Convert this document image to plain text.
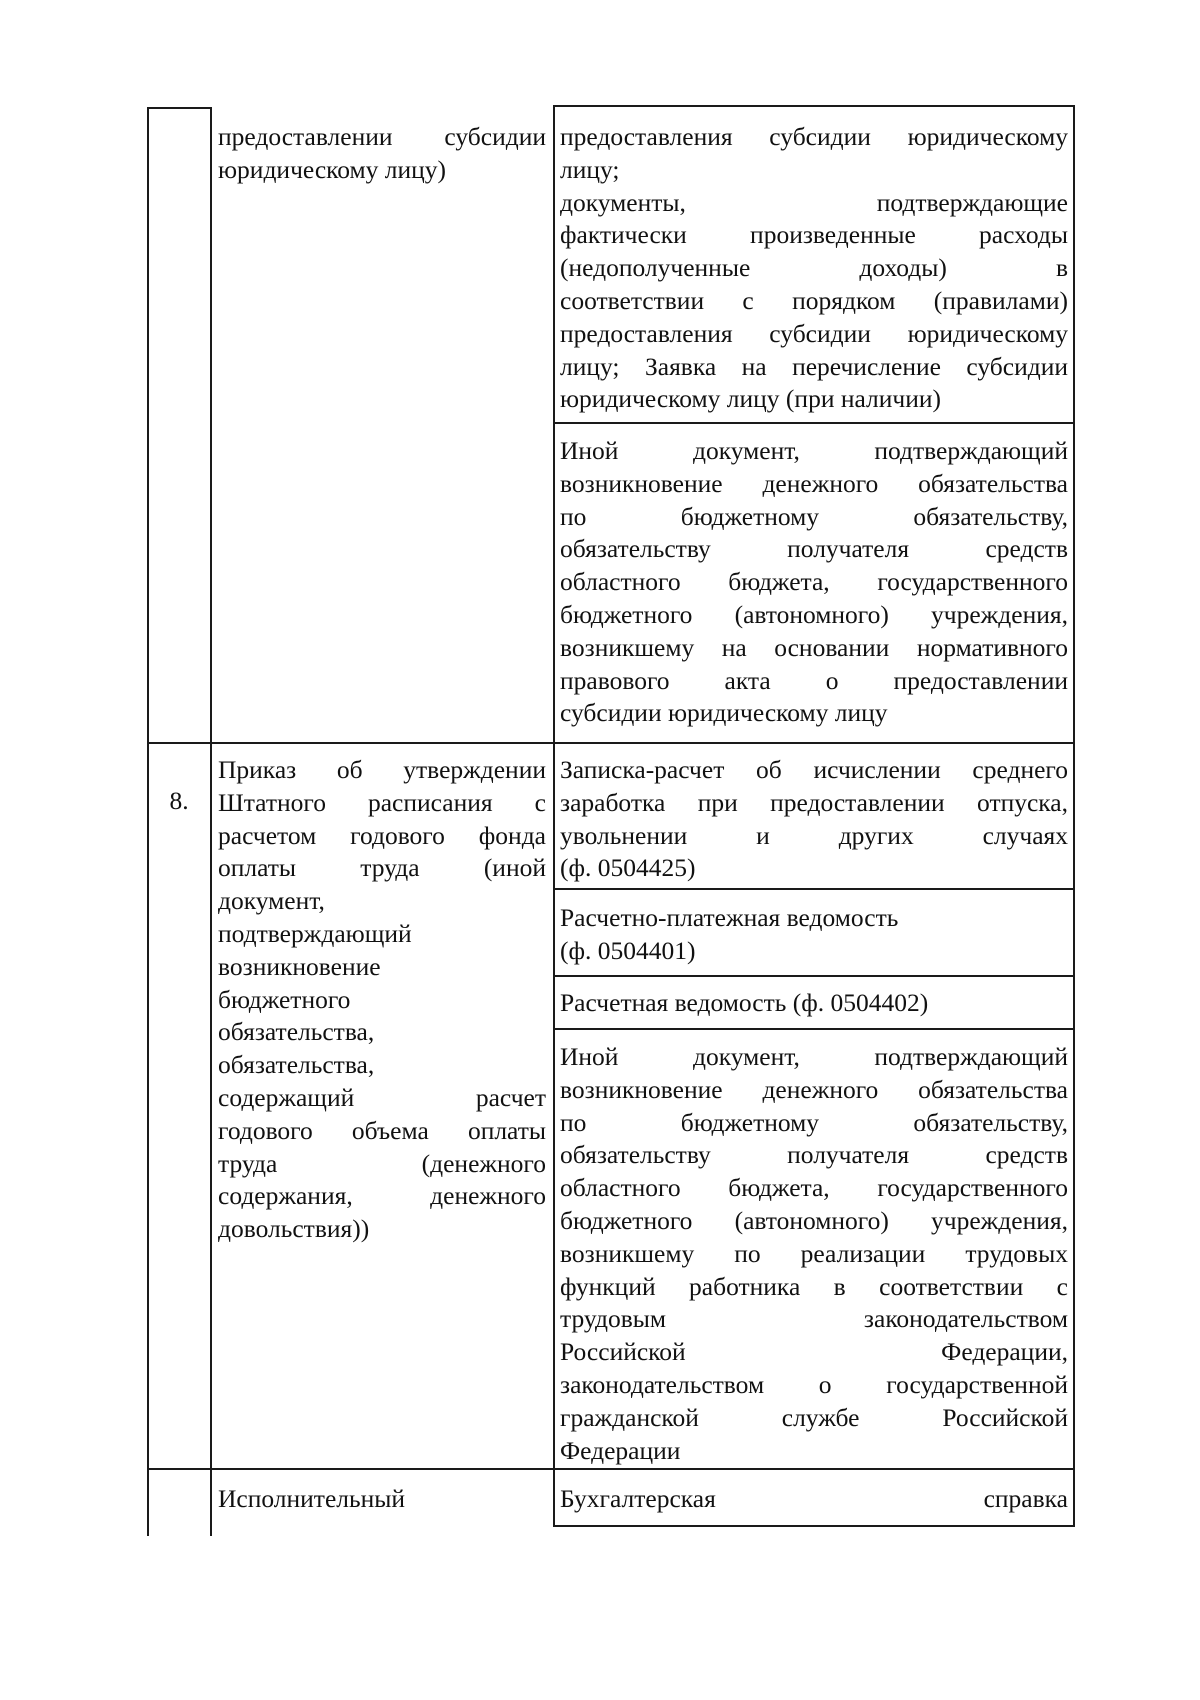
предоставлении субсидии

юридическому лицу)

предоставления субсидии юридическому

лицу;

документы, подтверждающие

фактически произведенные расходы

(недополученные доходы) в

соответствии с порядком (правилами)

предоставления субсидии юридическому

лицу; Заявка на перечисление субсидии

юридическому лицу (при наличии)

Иной документ, подтверждающий

возникновение денежного обязательства

по бюджетному обязательству,

обязательству получателя средств

областного бюджета, государственного

бюджетного (автономного) учреждения,

возникшему на основании нормативного

правового акта о предоставлении

субсидии юридическому лицу

8.

Приказ об утверждении

Штатного расписания с

расчетом годового фонда

оплаты труда (иной

документ,

подтверждающий

возникновение

бюджетного

обязательства,

обязательства,

содержащий расчет

годового объема оплаты

труда (денежного

содержания, денежного

довольствия))

Записка-расчет об исчислении среднего

заработка при предоставлении отпуска,

увольнении и других случаях

(ф. 0504425)

Расчетно-платежная ведомость

(ф. 0504401)

Расчетная ведомость (ф. 0504402)

Иной документ, подтверждающий

возникновение денежного обязательства

по бюджетному обязательству,

обязательству получателя средств

областного бюджета, государственного

бюджетного (автономного) учреждения,

возникшему по реализации трудовых

функций работника в соответствии с

трудовым законодательством

Российской Федерации,

законодательством о государственной

гражданской службе Российской

Федерации

Исполнительный	Бухгалтерская справка
